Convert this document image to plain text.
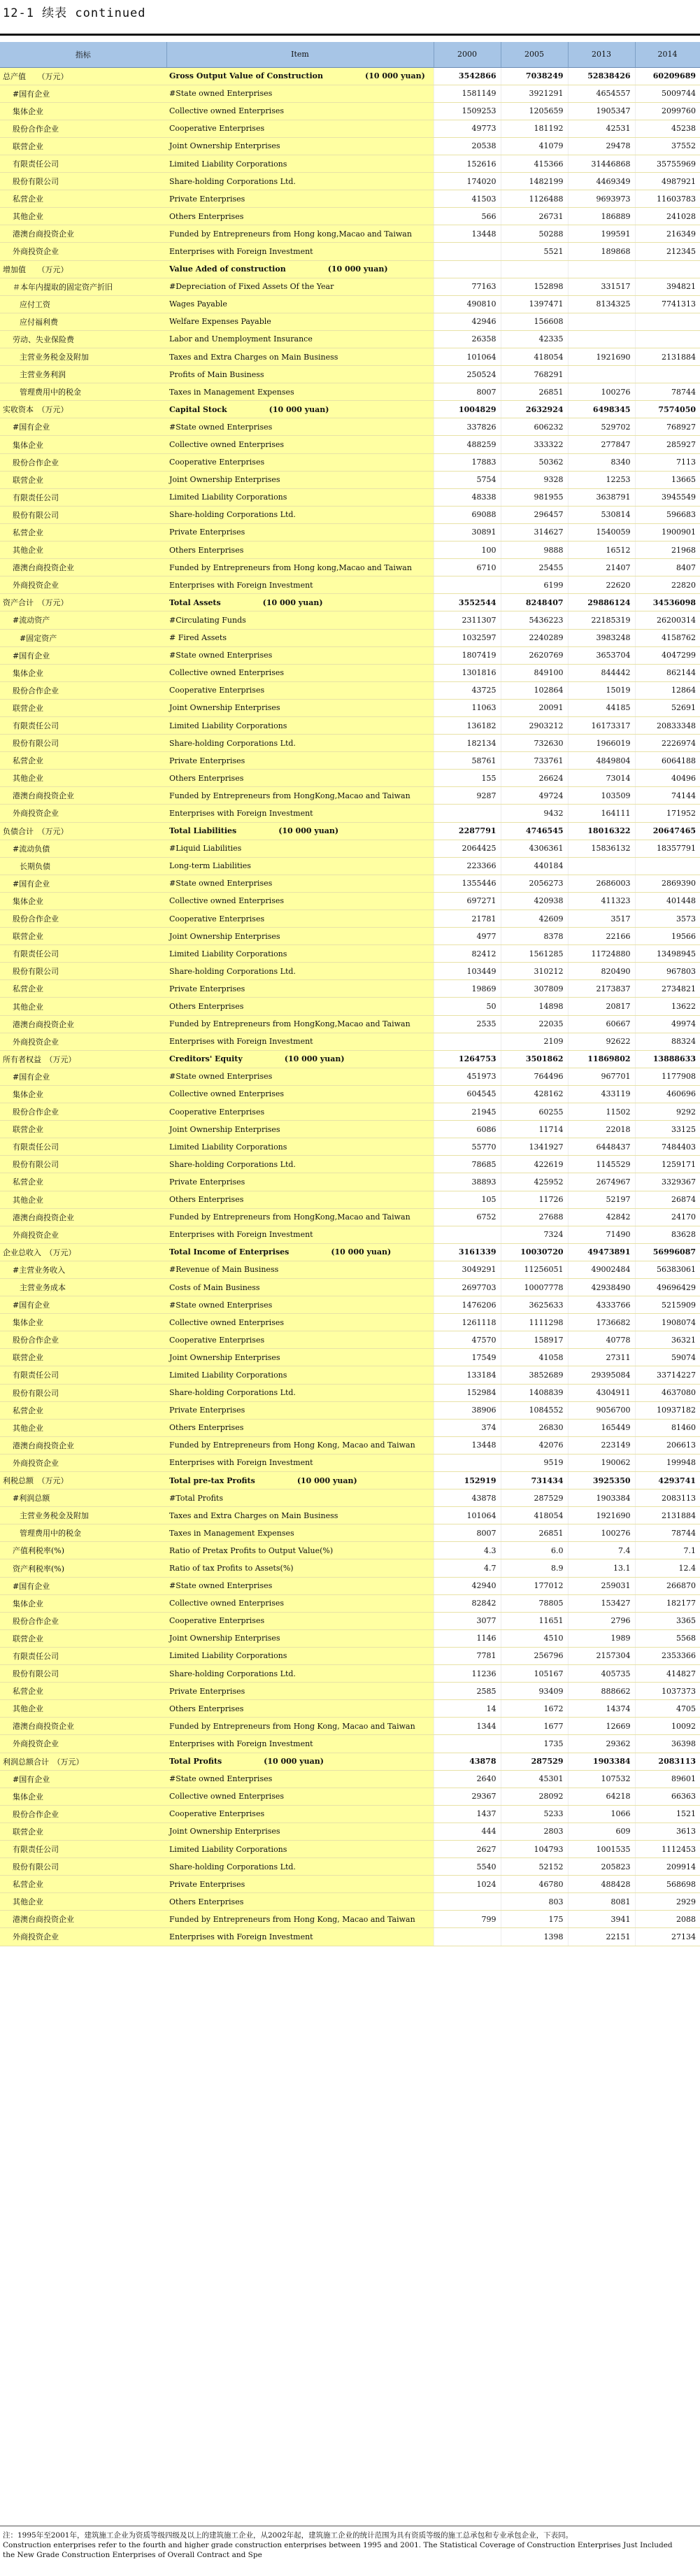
12-1 续表 continued
指标	Item	2000	2005	2013	2014
总产值　　（万元）	Gross Output Value of Construction (10 000 yuan)	3542866	7038249	52838426	60209689
#国有企业	#State owned Enterprises	1581149	3921291	4654557	5009744
集体企业	Collective owned Enterprises	1509253	1205659	1905347	2099760
股份合作企业	Cooperative Enterprises	49773	181192	42531	45238
联营企业	Joint Ownership Enterprises	20538	41079	29478	37552
有限责任公司	Limited Liability Corporations	152616	415366	31446868	35755969
股份有限公司	Share-holding Corporations Ltd.	174020	1482199	4469349	4987921
私营企业	Private Enterprises	41503	1126488	9693973	11603783
其他企业	Others Enterprises	566	26731	186889	241028
港澳台商投资企业	Funded by Entrepreneurs from Hong kong,Macao and Taiwan	13448	50288	199591	216349
外商投资企业	Enterprises with Foreign Investment		5521	189868	212345
增加值　　（万元）	Value Aded of construction (10 000 yuan)				
＃本年内提取的固定资产折旧	#Depreciation of Fixed Assets Of the Year	77163	152898	331517	394821
应付工资	Wages Payable	490810	1397471	8134325	7741313
应付福利费	Welfare Expenses Payable	42946	156608		
劳动、失业保险费	Labor and Unemployment Insurance	26358	42335		
主营业务税金及附加	Taxes and Extra Charges on Main Business	101064	418054	1921690	2131884
主营业务利润	Profits of Main Business	250524	768291		
管理费用中的税金	Taxes in Management Expenses	8007	26851	100276	78744
实收资本　（万元）	Capital Stock (10 000 yuan)	1004829	2632924	6498345	7574050
#国有企业	#State owned Enterprises	337826	606232	529702	768927
集体企业	Collective owned Enterprises	488259	333322	277847	285927
股份合作企业	Cooperative Enterprises	17883	50362	8340	7113
联营企业	Joint Ownership Enterprises	5754	9328	12253	13665
有限责任公司	Limited Liability Corporations	48338	981955	3638791	3945549
股份有限公司	Share-holding Corporations Ltd.	69088	296457	530814	596683
私营企业	Private Enterprises	30891	314627	1540059	1900901
其他企业	Others Enterprises	100	9888	16512	21968
港澳台商投资企业	Funded by Entrepreneurs from Hong kong,Macao and Taiwan	6710	25455	21407	8407
外商投资企业	Enterprises with Foreign Investment		6199	22620	22820
资产合计　（万元）	Total Assets (10 000 yuan)	3552544	8248407	29886124	34536098
#流动资产	#Circulating Funds	2311307	5436223	22185319	26200314
#固定资产	# Fired Assets	1032597	2240289	3983248	4158762
#国有企业	#State owned Enterprises	1807419	2620769	3653704	4047299
集体企业	Collective owned Enterprises	1301816	849100	844442	862144
股份合作企业	Cooperative Enterprises	43725	102864	15019	12864
联营企业	Joint Ownership Enterprises	11063	20091	44185	52691
有限责任公司	Limited Liability Corporations	136182	2903212	16173317	20833348
股份有限公司	Share-holding Corporations Ltd.	182134	732630	1966019	2226974
私营企业	Private Enterprises	58761	733761	4849804	6064188
其他企业	Others Enterprises	155	26624	73014	40496
港澳台商投资企业	Funded by Entrepreneurs from HongKong,Macao and Taiwan	9287	49724	103509	74144
外商投资企业	Enterprises with Foreign Investment		9432	164111	171952
负债合计　（万元）	Total Liabilities (10 000 yuan)	2287791	4746545	18016322	20647465
#流动负债	#Liquid Liabilities	2064425	4306361	15836132	18357791
长期负债	Long-term Liabilities	223366	440184		
#国有企业	#State owned Enterprises	1355446	2056273	2686003	2869390
集体企业	Collective owned Enterprises	697271	420938	411323	401448
股份合作企业	Cooperative Enterprises	21781	42609	3517	3573
联营企业	Joint Ownership Enterprises	4977	8378	22166	19566
有限责任公司	Limited Liability Corporations	82412	1561285	11724880	13498945
股份有限公司	Share-holding Corporations Ltd.	103449	310212	820490	967803
私营企业	Private Enterprises	19869	307809	2173837	2734821
其他企业	Others Enterprises	50	14898	20817	13622
港澳台商投资企业	Funded by Entrepreneurs from HongKong,Macao and Taiwan	2535	22035	60667	49974
外商投资企业	Enterprises with Foreign Investment		2109	92622	88324
所有者权益　（万元）	Creditors' Equity (10 000 yuan)	1264753	3501862	11869802	13888633
#国有企业	#State owned Enterprises	451973	764496	967701	1177908
集体企业	Collective owned Enterprises	604545	428162	433119	460696
股份合作企业	Cooperative Enterprises	21945	60255	11502	9292
联营企业	Joint Ownership Enterprises	6086	11714	22018	33125
有限责任公司	Limited Liability Corporations	55770	1341927	6448437	7484403
股份有限公司	Share-holding Corporations Ltd.	78685	422619	1145529	1259171
私营企业	Private Enterprises	38893	425952	2674967	3329367
其他企业	Others Enterprises	105	11726	52197	26874
港澳台商投资企业	Funded by Entrepreneurs from HongKong,Macao and Taiwan	6752	27688	42842	24170
外商投资企业	Enterprises with Foreign Investment		7324	71490	83628
企业总收入　（万元）	Total Income of Enterprises (10 000 yuan)	3161339	10030720	49473891	56996087
#主营业务收入	#Revenue of Main Business	3049291	11256051	49002484	56383061
主营业务成本	Costs of Main Business	2697703	10007778	42938490	49696429
#国有企业	#State owned Enterprises	1476206	3625633	4333766	5215909
集体企业	Collective owned Enterprises	1261118	1111298	1736682	1908074
股份合作企业	Cooperative Enterprises	47570	158917	40778	36321
联营企业	Joint Ownership Enterprises	17549	41058	27311	59074
有限责任公司	Limited Liability Corporations	133184	3852689	29395084	33714227
股份有限公司	Share-holding Corporations Ltd.	152984	1408839	4304911	4637080
私营企业	Private Enterprises	38906	1084552	9056700	10937182
其他企业	Others Enterprises	374	26830	165449	81460
港澳台商投资企业	Funded by Entrepreneurs from Hong Kong, Macao and Taiwan	13448	42076	223149	206613
外商投资企业	Enterprises with Foreign Investment		9519	190062	199948
利税总额　（万元）	Total pre-tax Profits (10 000 yuan)	152919	731434	3925350	4293741
#利润总额	#Total Profits	43878	287529	1903384	2083113
主营业务税金及附加	Taxes and Extra Charges on Main Business	101064	418054	1921690	2131884
管理费用中的税金	Taxes in Management Expenses	8007	26851	100276	78744
产值利税率(%)	Ratio of Pretax Profits to Output Value(%)	4.3	6.0	7.4	7.1
资产利税率(%)	Ratio of tax Profits to Assets(%)	4.7	8.9	13.1	12.4
#国有企业	#State owned Enterprises	42940	177012	259031	266870
集体企业	Collective owned Enterprises	82842	78805	153427	182177
股份合作企业	Cooperative Enterprises	3077	11651	2796	3365
联营企业	Joint Ownership Enterprises	1146	4510	1989	5568
有限责任公司	Limited Liability Corporations	7781	256796	2157304	2353366
股份有限公司	Share-holding Corporations Ltd.	11236	105167	405735	414827
私营企业	Private Enterprises	2585	93409	888662	1037373
其他企业	Others Enterprises	14	1672	14374	4705
港澳台商投资企业	Funded by Entrepreneurs from Hong Kong, Macao and Taiwan	1344	1677	12669	10092
外商投资企业	Enterprises with Foreign Investment		1735	29362	36398
利润总额合计　（万元）	Total Profits (10 000 yuan)	43878	287529	1903384	2083113
#国有企业	#State owned Enterprises	2640	45301	107532	89601
集体企业	Collective owned Enterprises	29367	28092	64218	66363
股份合作企业	Cooperative Enterprises	1437	5233	1066	1521
联营企业	Joint Ownership Enterprises	444	2803	609	3613
有限责任公司	Limited Liability Corporations	2627	104793	1001535	1112453
股份有限公司	Share-holding Corporations Ltd.	5540	52152	205823	209914
私营企业	Private Enterprises	1024	46780	488428	568698
其他企业	Others Enterprises		803	8081	2929
港澳台商投资企业	Funded by Entrepreneurs from Hong Kong, Macao and Taiwan	799	175	3941	2088
外商投资企业	Enterprises with Foreign Investment		1398	22151	27134
注：1995年至2001年，建筑施工企业为资质等级四级及以上的建筑施工企业，从2002年起，建筑施工企业的统计范围为具有资质等级的施工总承包和专业承包企业，下表同。
Construction enterprises refer to the fourth and higher grade construction enterprises between 1995 and 2001. The Statistical Coverage of Construction Enterprises Just Included
the New Grade Construction Enterprises of Overall Contract and Spe
